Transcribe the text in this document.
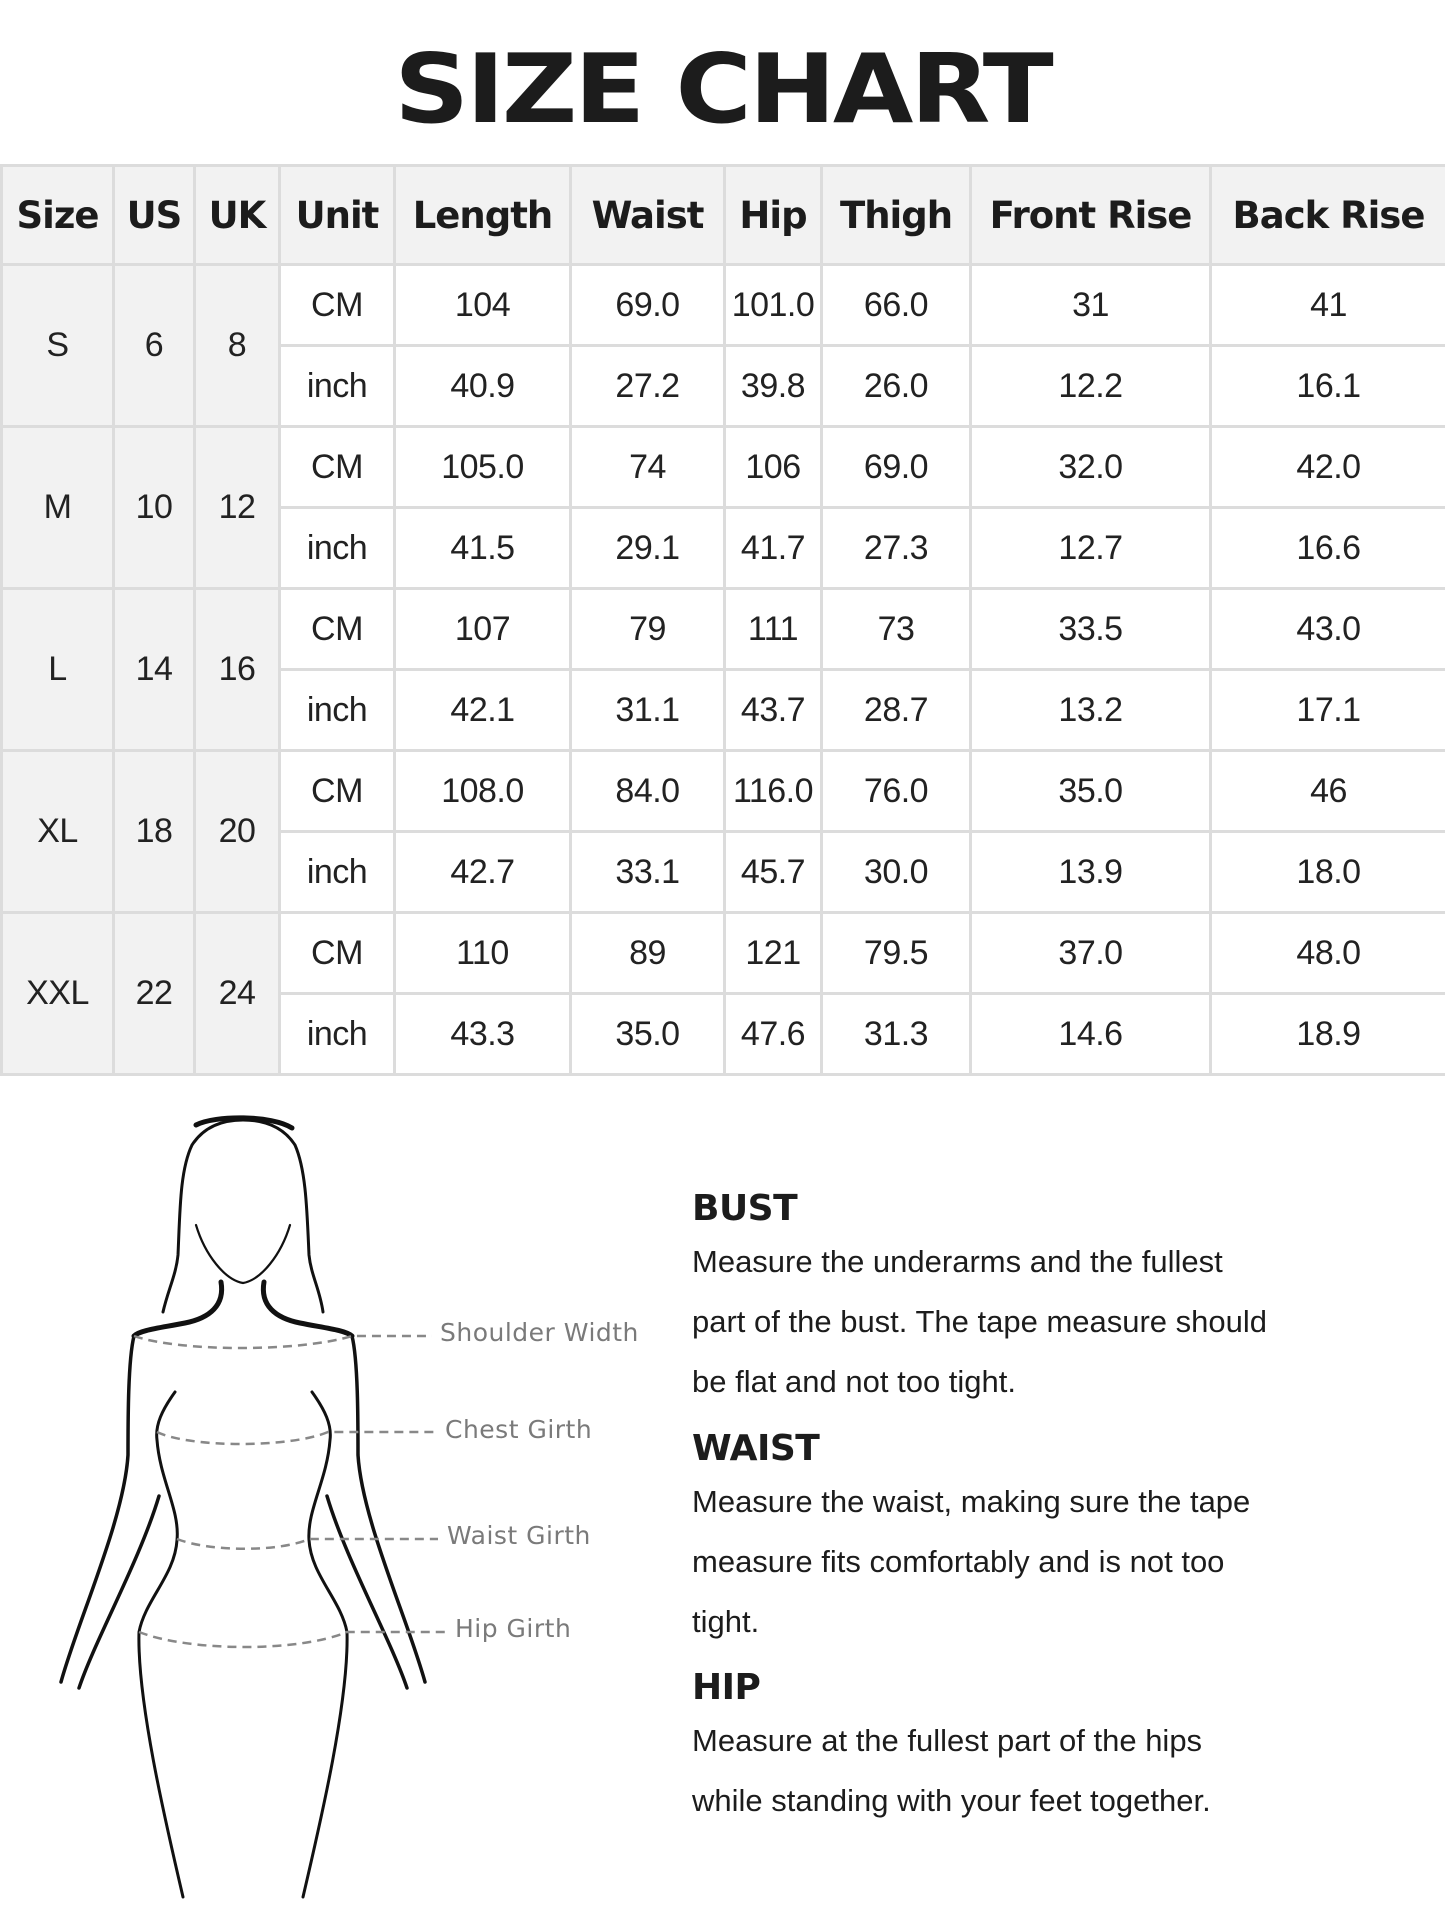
SIZE CHART
Size	US	UK	Unit	Length	Waist	Hip	Thigh	Front Rise	Back Rise
S	6	8	CM	104	69.0	101.0	66.0	31	41
			inch	40.9	27.2	39.8	26.0	12.2	16.1
M	10	12	CM	105.0	74	106	69.0	32.0	42.0
			inch	41.5	29.1	41.7	27.3	12.7	16.6
L	14	16	CM	107	79	111	73	33.5	43.0
			inch	42.1	31.1	43.7	28.7	13.2	17.1
XL	18	20	CM	108.0	84.0	116.0	76.0	35.0	46
			inch	42.7	33.1	45.7	30.0	13.9	18.0
XXL	22	24	CM	110	89	121	79.5	37.0	48.0
			inch	43.3	35.0	47.6	31.3	14.6	18.9
Shoulder Width
Chest Girth
Waist Girth
Hip Girth
BUST

Measure the underarms and the fullest

part of the bust. The tape measure should

be flat and not too tight.

WAIST

Measure the waist, making sure the tape

measure fits comfortably and is not too

tight.

HIP

Measure at the fullest part of the hips

while standing with your feet together.
